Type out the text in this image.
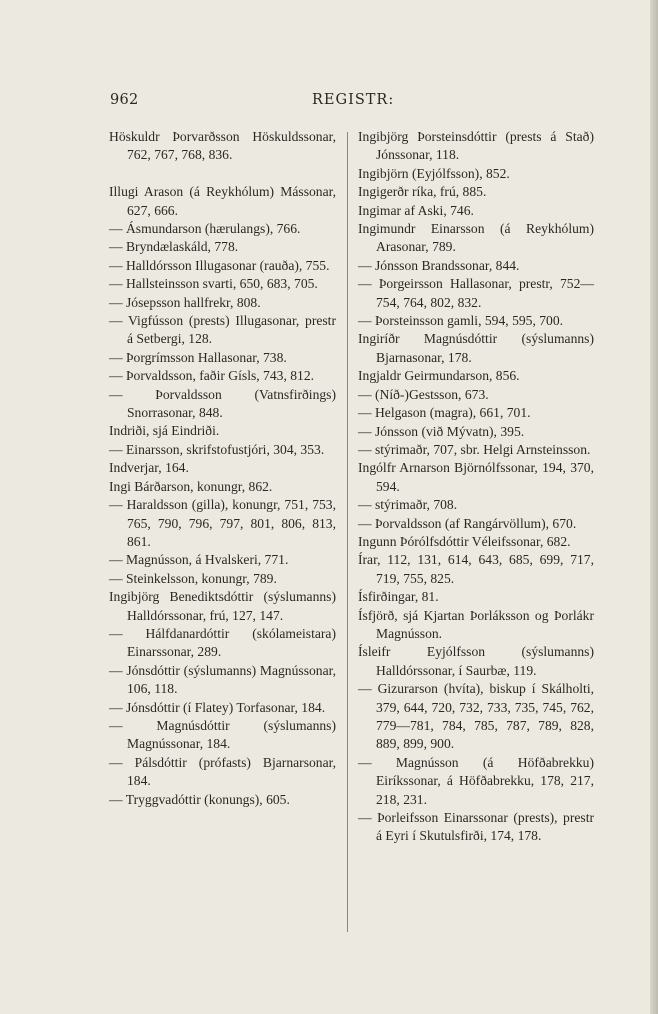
962	REGISTR:

Höskuldr Þorvarðsson Höskuldssonar, 762, 767, 768, 836.

Illugi Arason (á Reykhólum) Mássonar, 627, 666.

— Ásmundarson (hærulangs), 766.

— Bryndælaskáld, 778.

— Halldórsson Illugasonar (rauða), 755.

— Hallsteinsson svarti, 650, 683, 705.

— Jósepsson hallfrekr, 808.

— Vigfússon (prests) Illugasonar, prestr á Setbergi, 128.

— Þorgrímsson Hallasonar, 738.

— Þorvaldsson, faðir Gísls, 743, 812.

— Þorvaldsson (Vatnsfirðings) Snorrasonar, 848.

Indriði, sjá Eindriði.

— Einarsson, skrifstofustjóri, 304, 353.

Indverjar, 164.

Ingi Bárðarson, konungr, 862.

— Haraldsson (gilla), konungr, 751, 753, 765, 790, 796, 797, 801, 806, 813, 861.

— Magnússon, á Hvalskeri, 771.

— Steinkelsson, konungr, 789.

Ingibjörg Benediktsdóttir (sýslumanns) Halldórssonar, frú, 127, 147.

— Hálfdanardóttir (skólameistara) Einarssonar, 289.

— Jónsdóttir (sýslumanns) Magnússonar, 106, 118.

— Jónsdóttir (í Flatey) Torfasonar, 184.

— Magnúsdóttir (sýslumanns) Magnússonar, 184.

— Pálsdóttir (prófasts) Bjarnarsonar, 184.

— Tryggvadóttir (konungs), 605.

Ingibjörg Þorsteinsdóttir (prests á Stað) Jónssonar, 118.

Ingibjörn (Eyjólfsson), 852.

Ingigerðr ríka, frú, 885.

Ingimar af Aski, 746.

Ingimundr Einarsson (á Reykhólum) Arasonar, 789.

— Jónsson Brandssonar, 844.

— Þorgeirsson Hallasonar, prestr, 752—754, 764, 802, 832.

— Þorsteinsson gamli, 594, 595, 700.

Ingiríðr Magnúsdóttir (sýslumanns) Bjarnasonar, 178.

Ingjaldr Geirmundarson, 856.

— (Níð-)Gestsson, 673.

— Helgason (magra), 661, 701.

— Jónsson (við Mývatn), 395.

— stýrimaðr, 707, sbr. Helgi Arnsteinsson.

Ingólfr Arnarson Björnólfssonar, 194, 370, 594.

— stýrimaðr, 708.

— Þorvaldsson (af Rangárvöllum), 670.

Ingunn Þórólfsdóttir Véleifssonar, 682.

Írar, 112, 131, 614, 643, 685, 699, 717, 719, 755, 825.

Ísfirðingar, 81.

Ísfjörð, sjá Kjartan Þorláksson og Þorlákr Magnússon.

Ísleifr Eyjólfsson (sýslumanns) Halldórssonar, í Saurbæ, 119.

— Gizurarson (hvíta), biskup í Skálholti, 379, 644, 720, 732, 733, 735, 745, 762, 779—781, 784, 785, 787, 789, 828, 889, 899, 900.

— Magnússon (á Höfðabrekku) Eiríkssonar, á Höfðabrekku, 178, 217, 218, 231.

— Þorleifsson Einarssonar (prests), prestr á Eyri í Skutulsfirði, 174, 178.
